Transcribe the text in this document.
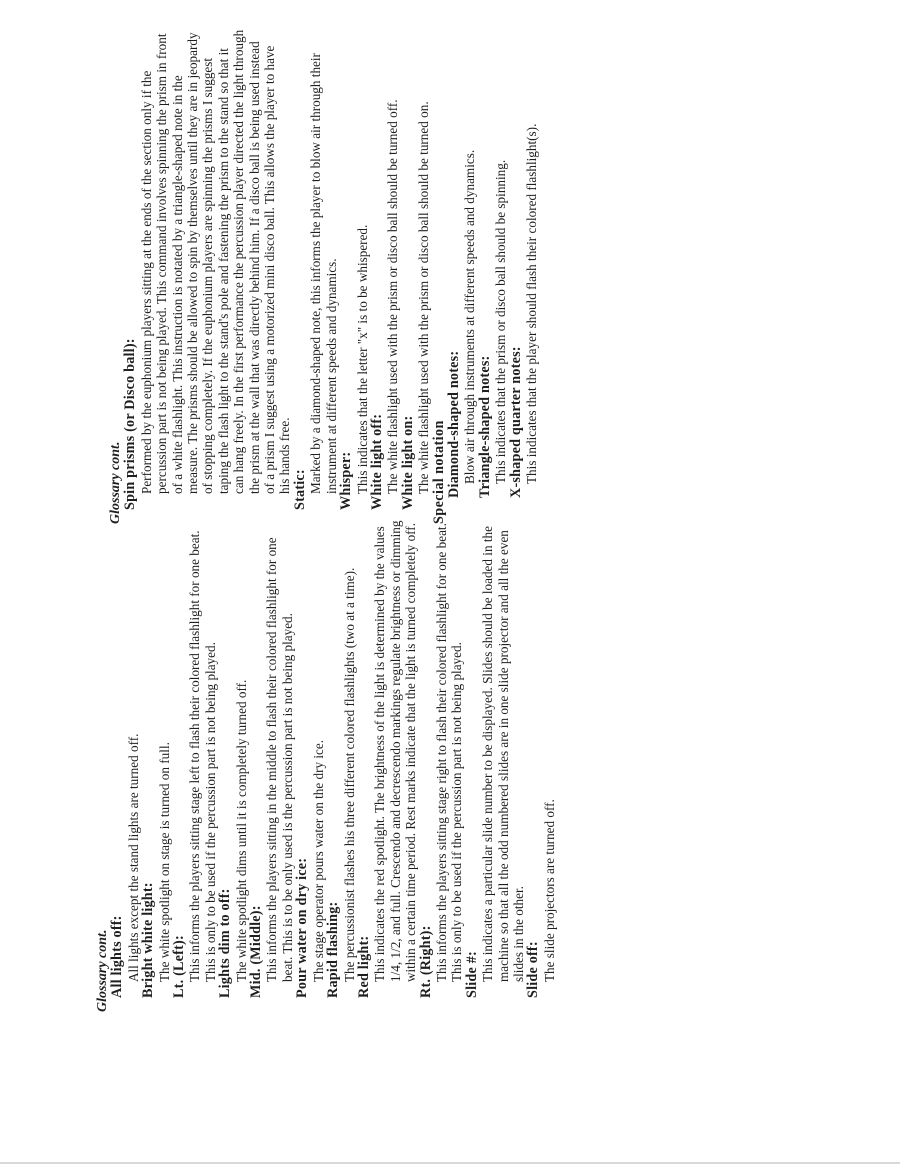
Glossary cont. All lights off: All lights except the stand lights are turned off. Bright white light: The white spotlight on stage is turned on full. Lt. (Left): This informs the players sitting stage left to flash their colored flashlight for one beat. This is only to be used if the percussion part is not being played. Lights dim to off: The white spotlight dims until it is completely turned off. Mid. (Middle): This informs the players sitting in the middle to flash their colored flashlight for one beat. This is to be only used is the percussion part is not being played. Pour water on dry ice: The stage operator pours water on the dry ice. Rapid flashing: The percussionist flashes his three different colored flashlights (two at a time). Red light: This indicates the red spotlight. The brightness of the light is determined by the values 1/4, 1/2, and full. Crescendo and decrescendo markings regulate brightness or dimming within a certain time period. Rest marks indicate that the light is turned completely off. Rt. (Right): This informs the players sitting stage right to flash their colored flashlight for one beat. This is only to be used if the percussion part is not being played. Slide #: This indicates a particular slide number to be displayed. Slides should be loaded in the machine so that all the odd numbered slides are in one slide projector and all the even slides in the other. Slide off: The slide projectors are turned off.
Glossary cont. Spin prisms (or Disco ball): Performed by the euphonium players sitting at the ends of the section only if the percussion part is not being played. This command involves spinning the prism in front of a white flashlight. This instruction is notated by a triangle-shaped note in the measure. The prisms should be allowed to spin by themselves until they are in jeopardy of stopping completely. If the euphonium players are spinning the prisms I suggest taping the flash light to the stand's pole and fastening the prism to the stand so that it can hang freely. In the first performance the percussion player directed the light through the prism at the wall that was directly behind him. If a disco ball is being used instead of a prism I suggest using a motorized mini disco ball. This allows the player to have his hands free. Static: Marked by a diamond-shaped note, this informs the player to blow air through their instrument at different speeds and dynamics. Whisper: This indicates that the letter "x" is to be whispered. White light off: The white flashlight used with the prism or disco ball should be turned off. White light on: The white flashlight used with the prism or disco ball should be turned on. Special notation Diamond-shaped notes: Blow air through instruments at different speeds and dynamics. Triangle-shaped notes: This indicates that the prism or disco ball should be spinning. X-shaped quarter notes: This indicates that the player should flash their colored flashlight(s).
